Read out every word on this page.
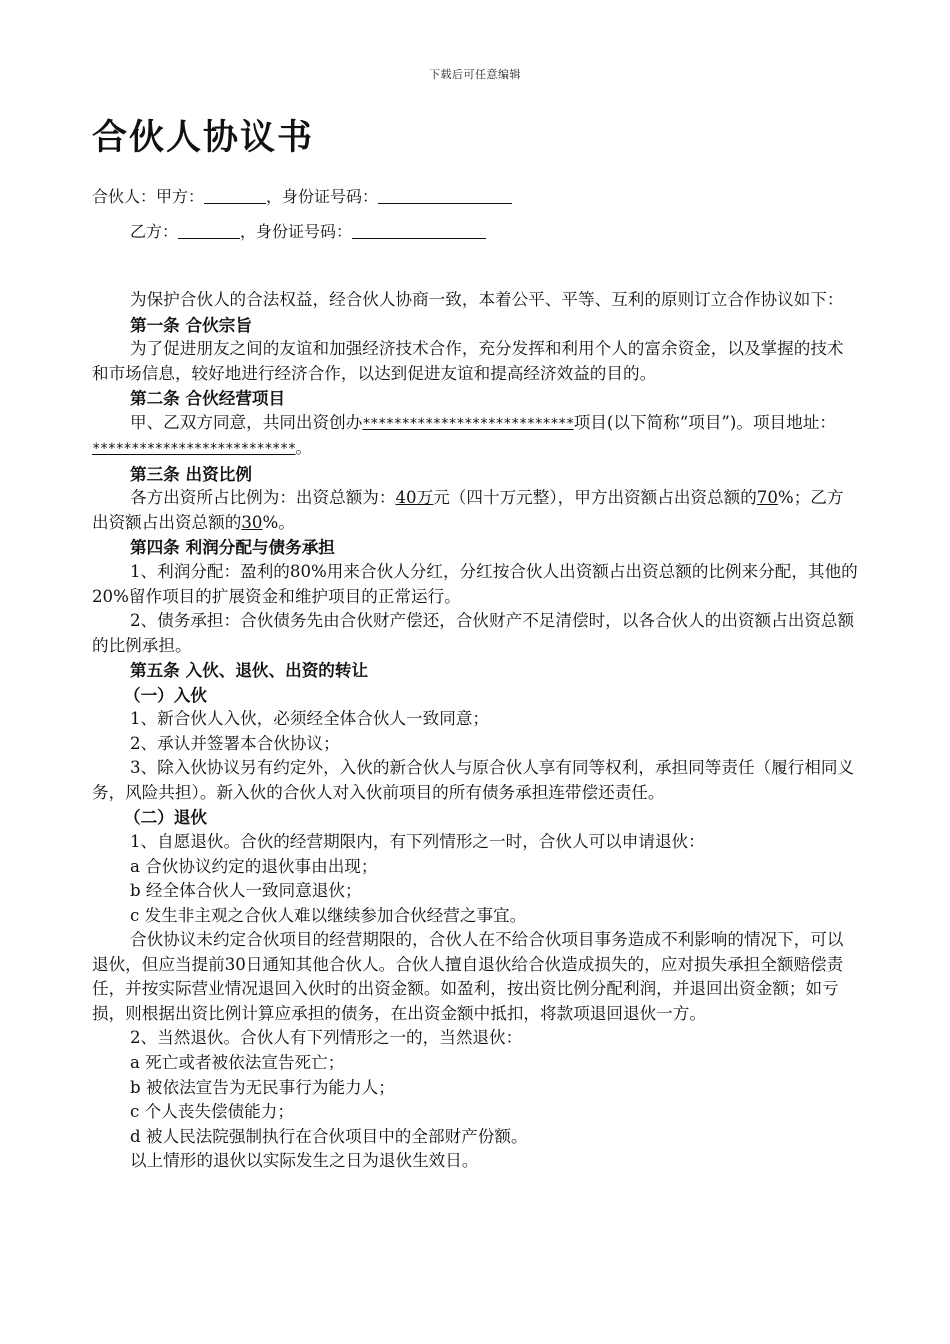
下载后可任意编辑
合伙人协议书
合伙人：甲方：	，身份证号码：
乙方：	，身份证号码：

为保护合伙人的合法权益，经合伙人协商一致，本着公平、平等、互利的原则订立合作协议如下：

第一条 合伙宗旨

为了促进朋友之间的友谊和加强经济技术合作，充分发挥和利用个人的富余资金，以及掌握的技术和市场信息，较好地进行经济合作，以达到促进友谊和提高经济效益的目的。

第二条 合伙经营项目

甲、乙双方同意，共同出资创办***************************项目(以下简称“项目”)。项目地址：**************************。

第三条 出资比例

各方出资所占比例为：出资总额为：40万元（四十万元整），甲方出资额占出资总额的70%；乙方出资额占出资总额的30%。

第四条 利润分配与债务承担

1、利润分配：盈利的80%用来合伙人分红，分红按合伙人出资额占出资总额的比例来分配，其他的20%留作项目的扩展资金和维护项目的正常运行。

2、债务承担：合伙债务先由合伙财产偿还，合伙财产不足清偿时，以各合伙人的出资额占出资总额的比例承担。

第五条 入伙、退伙、出资的转让

（一）入伙

1、新合伙人入伙，必须经全体合伙人一致同意；

2、承认并签署本合伙协议；

3、除入伙协议另有约定外，入伙的新合伙人与原合伙人享有同等权利，承担同等责任（履行相同义务，风险共担）。新入伙的合伙人对入伙前项目的所有债务承担连带偿还责任。

（二）退伙

1、自愿退伙。合伙的经营期限内，有下列情形之一时，合伙人可以申请退伙：

a 合伙协议约定的退伙事由出现；

b 经全体合伙人一致同意退伙；

c 发生非主观之合伙人难以继续参加合伙经营之事宜。

合伙协议未约定合伙项目的经营期限的，合伙人在不给合伙项目事务造成不利影响的情况下，可以退伙，但应当提前30日通知其他合伙人。合伙人擅自退伙给合伙造成损失的，应对损失承担全额赔偿责任，并按实际营业情况退回入伙时的出资金额。如盈利，按出资比例分配利润，并退回出资金额；如亏损，则根据出资比例计算应承担的债务，在出资金额中抵扣，将款项退回退伙一方。

2、当然退伙。合伙人有下列情形之一的，当然退伙：

a 死亡或者被依法宣告死亡；

b 被依法宣告为无民事行为能力人；

c 个人丧失偿债能力；

d 被人民法院强制执行在合伙项目中的全部财产份额。

以上情形的退伙以实际发生之日为退伙生效日。
